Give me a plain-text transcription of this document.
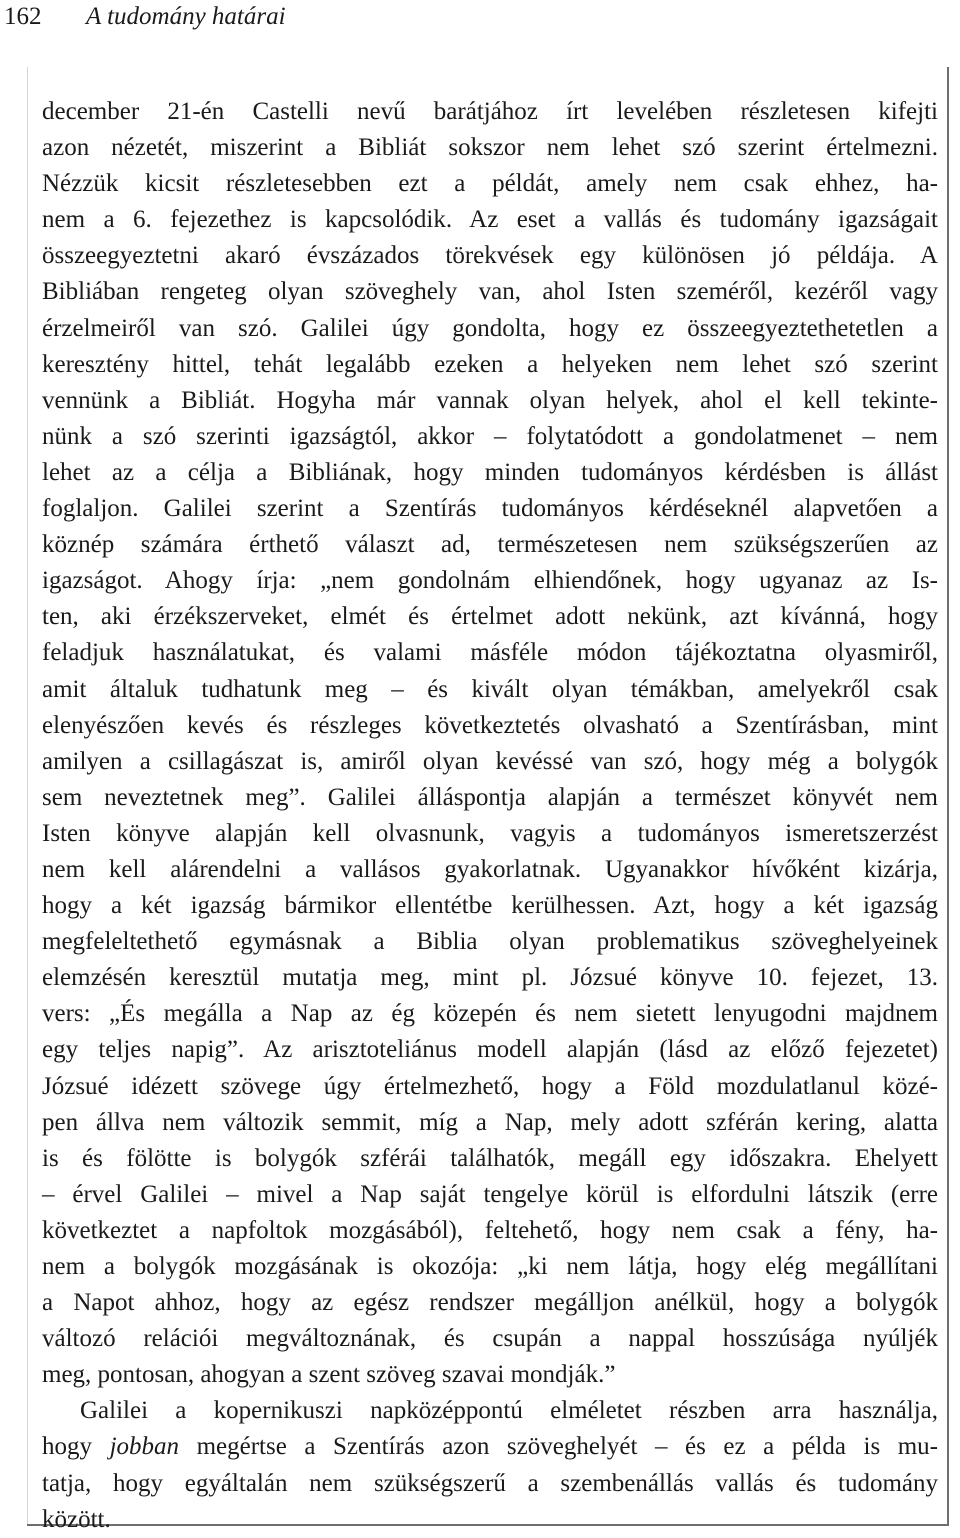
162 A tudomány határai
december 21-én Castelli nevű barátjához írt levelében részletesen kifejti
azon nézetét, miszerint a Bibliát sokszor nem lehet szó szerint értelmezni.
Nézzük kicsit részletesebben ezt a példát, amely nem csak ehhez, ha-
nem a 6. fejezethez is kapcsolódik. Az eset a vallás és tudomány igazságait
összeegyeztetni akaró évszázados törekvések egy különösen jó példája. A
Bibliában rengeteg olyan szöveghely van, ahol Isten szeméről, kezéről vagy
érzelmeiről van szó. Galilei úgy gondolta, hogy ez összeegyeztethetetlen a
keresztény hittel, tehát legalább ezeken a helyeken nem lehet szó szerint
vennünk a Bibliát. Hogyha már vannak olyan helyek, ahol el kell tekinte-
nünk a szó szerinti igazságtól, akkor – folytatódott a gondolatmenet – nem
lehet az a célja a Bibliának, hogy minden tudományos kérdésben is állást
foglaljon. Galilei szerint a Szentírás tudományos kérdéseknél alapvetően a
köznép számára érthető választ ad, természetesen nem szükségszerűen az
igazságot. Ahogy írja: „nem gondolnám elhiendőnek, hogy ugyanaz az Is-
ten, aki érzékszerveket, elmét és értelmet adott nekünk, azt kívánná, hogy
feladjuk használatukat, és valami másféle módon tájékoztatna olyasmiről,
amit általuk tudhatunk meg – és kivált olyan témákban, amelyekről csak
elenyészően kevés és részleges következtetés olvasható a Szentírásban, mint
amilyen a csillagászat is, amiről olyan kevéssé van szó, hogy még a bolygók
sem neveztetnek meg”. Galilei álláspontja alapján a természet könyvét nem
Isten könyve alapján kell olvasnunk, vagyis a tudományos ismeretszerzést
nem kell alárendelni a vallásos gyakorlatnak. Ugyanakkor hívőként kizárja,
hogy a két igazság bármikor ellentétbe kerülhessen. Azt, hogy a két igazság
megfeleltethető egymásnak a Biblia olyan problematikus szöveghelyeinek
elemzésén keresztül mutatja meg, mint pl. Józsué könyve 10. fejezet, 13.
vers: „És megálla a Nap az ég közepén és nem sietett lenyugodni majdnem
egy teljes napig”. Az arisztoteliánus modell alapján (lásd az előző fejezetet)
Józsué idézett szövege úgy értelmezhető, hogy a Föld mozdulatlanul közé-
pen állva nem változik semmit, míg a Nap, mely adott szférán kering, alatta
is és fölötte is bolygók szférái találhatók, megáll egy időszakra. Ehelyett
– érvel Galilei – mivel a Nap saját tengelye körül is elfordulni látszik (erre
következtet a napfoltok mozgásából), feltehető, hogy nem csak a fény, ha-
nem a bolygók mozgásának is okozója: „ki nem látja, hogy elég megállítani
a Napot ahhoz, hogy az egész rendszer megálljon anélkül, hogy a bolygók
változó relációi megváltoznának, és csupán a nappal hosszúsága nyúljék
meg, pontosan, ahogyan a szent szöveg szavai mondják.”
Galilei a kopernikuszi napközéppontú elméletet részben arra használja,
hogy jobban megértse a Szentírás azon szöveghelyét – és ez a példa is mu-
tatja, hogy egyáltalán nem szükségszerű a szembenállás vallás és tudomány
között.
